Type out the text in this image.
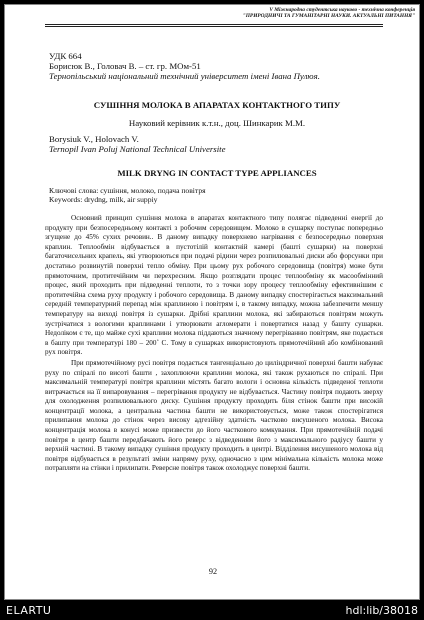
V Міжнародна студентська науково - технічна конференція
"ПРИРОДНИЧІ ТА ГУМАНІТАРНІ НАУКИ. АКТУАЛЬНІ ПИТАННЯ"
УДК 664
Борисюк В., Головач В. – ст. гр. МОм-51
Тернопільський національний технічний університет імені Івана Пулюя.
СУШІННЯ МОЛОКА В АПАРАТАХ КОНТАКТНОГО ТИПУ
Науковий керівник к.т.н., доц. Шинкарик М.М.
Borysiuk V., Holovach V.
Ternopil Ivan Poluj National Technical Universite
MILK DRYNG IN CONTACT TYPE APPLIANCES
Ключові слова: сушіння, молоко, подача повітря
Keywords: drydng, milk, air suppiy

Основний принцип сушіння молока в апаратах контактного типу полягає підведенні енергії до продукту при безпосередньому контакті з робочим середовищем. Молоко в сушарку поступає попередньо згущене до 45% сухих речовин.. В даному випадку поверхнево нагрівання є безпосередньо поверхня краплин. Теплообмін відбувається в пустотілій контактній камері (башті сушарки) на поверхні багаточисельних крапель, які утворюються при подачі рідини через розпилювальні диски або форсунки при достатньо розвинутій поверхні тепло обміну. При цьому рух робочого середовища (повітря) може бути прямоточним, протитечійним чи перехресним. Якщо розглядати процес теплообміну як масообмінний процес, який проходить при підведенні теплоти, то з точки зору процесу теплообміну ефективнішим є протитечійна схема руху продукту і робочого середовища. В даному випадку спостерігається максимальний середній температурний перепад між краплиною і повітрям і, в такому випадку, можна забезпечити меншу температуру на виході повітря із сушарки. Дрібні краплини молока, які забираються повітрям можуть зустрічатися з вологими краплинами і утворювати агломерати і повертатися назад у башту сушарки. Недоліком є те, що майже сухі краплини молока піддаються значному перегріванню повітрям, яке подається в башту при температурі 180 – 200˚ С. Тому в сушарках використовують прямотечійний або комбінований рух повітря.

При прямотечійному русі повітря подається тангенціально до циліндричної поверхні башти набуває руху по спіралі по висоті башти , захоплюючи краплини молока, які також рухаються по спіралі. При максимальній температурі повітря краплини містять багато вологи і основна кількість підведеної теплоти витрачається на її випаровування – перегрівання продукту не відбувається. Частину повітря подають зверху для охолодження розпилювального диску. Сушіння продукту проходить біля стінок башти при високій концентрації молока, а центральна частина башти не використовується, може також спостерігатися прилипання молока до стінок через високу адгезійну здатність частково висушеного молока. Висока концентрація молока в конусі може призвести до його часткового комкування. При прямотечійній подачі повітря в центр башти передбачають його реверс з відведенням його з максимального радіусу башти у верхній частині. В такому випадку сушіння продукту проходить в центрі. Відділення висушеного молока від повітря відбувається в результаті зміни напряму руху, одночасно з цим мінімальна кількість молока може потрапляти на стінки і прилипати. Реверсне повітря також охолоджує поверхні башти.

92
ELARTU	hdl:lib/38018
